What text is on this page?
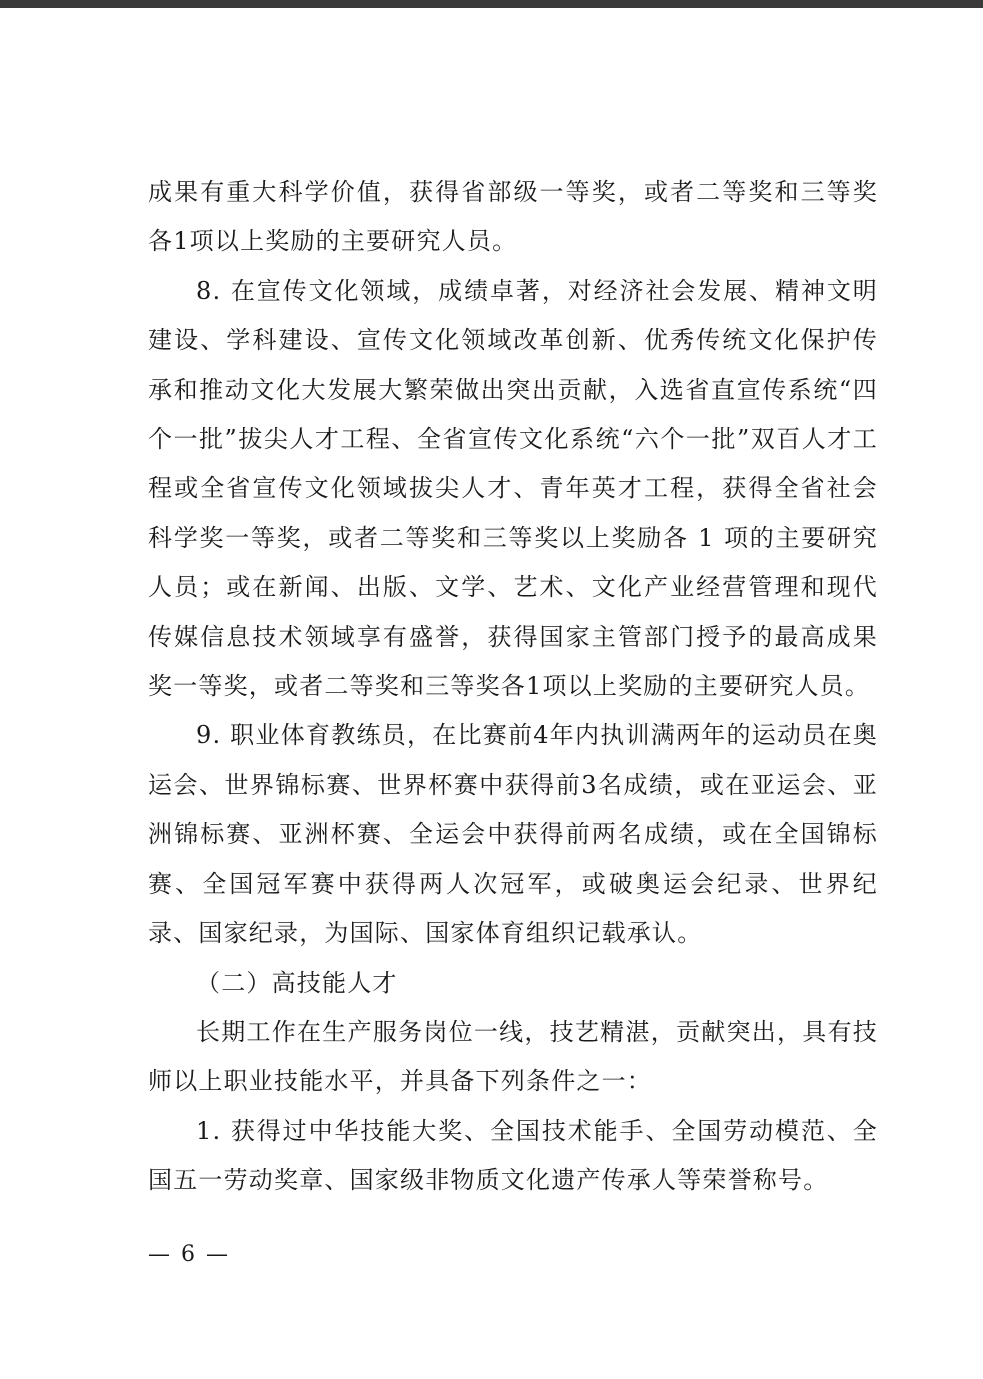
成果有重大科学价值，获得省部级一等奖，或者二等奖和三等奖各1项以上奖励的主要研究人员。

8. 在宣传文化领域，成绩卓著，对经济社会发展、精神文明建设、学科建设、宣传文化领域改革创新、优秀传统文化保护传承和推动文化大发展大繁荣做出突出贡献，入选省直宣传系统“四个一批”拔尖人才工程、全省宣传文化系统“六个一批”双百人才工程或全省宣传文化领域拔尖人才、青年英才工程，获得全省社会科学奖一等奖，或者二等奖和三等奖以上奖励各 1 项的主要研究人员；或在新闻、出版、文学、艺术、文化产业经营管理和现代传媒信息技术领域享有盛誉，获得国家主管部门授予的最高成果奖一等奖，或者二等奖和三等奖各1项以上奖励的主要研究人员。

9. 职业体育教练员，在比赛前4年内执训满两年的运动员在奥运会、世界锦标赛、世界杯赛中获得前3名成绩，或在亚运会、亚洲锦标赛、亚洲杯赛、全运会中获得前两名成绩，或在全国锦标赛、全国冠军赛中获得两人次冠军，或破奥运会纪录、世界纪录、国家纪录，为国际、国家体育组织记载承认。

（二）高技能人才

长期工作在生产服务岗位一线，技艺精湛，贡献突出，具有技师以上职业技能水平，并具备下列条件之一：

1. 获得过中华技能大奖、全国技术能手、全国劳动模范、全国五一劳动奖章、国家级非物质文化遗产传承人等荣誉称号。

— 6 —
